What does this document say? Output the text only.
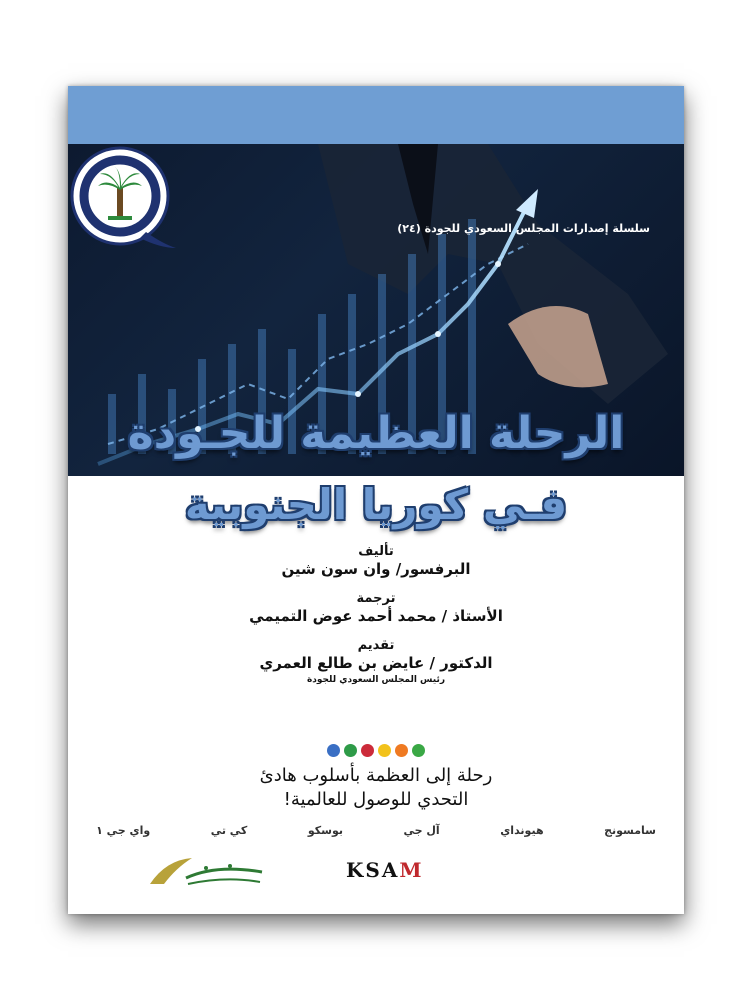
سلسلة إصدارات المجلس السعودي للجودة (٢٤)
الرحلة العظيمة للجـودة
فـي كوريا الجنوبية

تأليف

البرفسور/ وان سون شين

ترجمة

الأستاذ / محمد أحمد عوض التميمي

تقديم

الدكتور / عايض بن طالع العمري

رئيس المجلس السعودي للجودة

رحلة إلى العظمة بأسلوب هادئ
التحدي للوصول للعالمية!
سامسونج
هيونداي
آل جي
بوسكو
كي تي
واي جي ١
KSAM
